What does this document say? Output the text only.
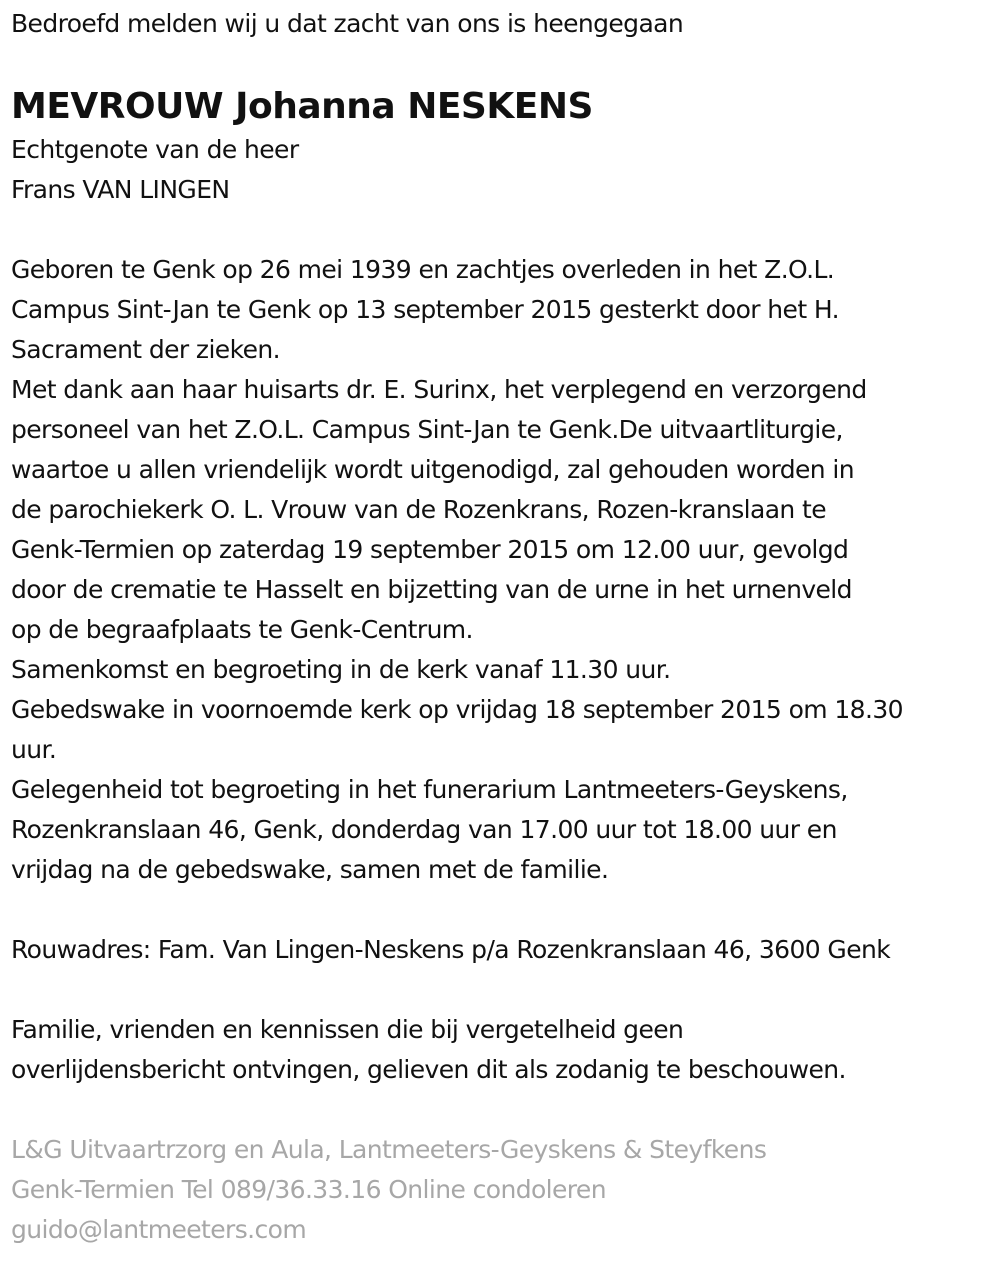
Bedroefd melden wij u dat zacht van ons is heengegaan
MEVROUW Johanna NESKENS
Echtgenote van de heer
Frans VAN LINGEN
Geboren te Genk op 26 mei 1939 en zachtjes overleden in het Z.O.L.
Campus Sint-Jan te Genk op 13 september 2015 gesterkt door het H.
Sacrament der zieken.
Met dank aan haar huisarts dr. E. Surinx, het verplegend en verzorgend
personeel van het Z.O.L. Campus Sint-Jan te Genk.De uitvaartliturgie,
waartoe u allen vriendelijk wordt uitgenodigd, zal gehouden worden in
de parochiekerk O. L. Vrouw van de Rozenkrans, Rozen-kranslaan te
Genk-Termien op zaterdag 19 september 2015 om 12.00 uur, gevolgd
door de crematie te Hasselt en bijzetting van de urne in het urnenveld
op de begraafplaats te Genk-Centrum.
Samenkomst en begroeting in de kerk vanaf 11.30 uur.
Gebedswake in voornoemde kerk op vrijdag 18 september 2015 om 18.30
uur.
Gelegenheid tot begroeting in het funerarium Lantmeeters-Geyskens,
Rozenkranslaan 46, Genk, donderdag van 17.00 uur tot 18.00 uur en
vrijdag na de gebedswake, samen met de familie.
Rouwadres: Fam. Van Lingen-Neskens p/a Rozenkranslaan 46, 3600 Genk
Familie, vrienden en kennissen die bij vergetelheid geen
overlijdensbericht ontvingen, gelieven dit als zodanig te beschouwen.
L&G Uitvaartrzorg en Aula, Lantmeeters-Geyskens & Steyfkens
Genk-Termien Tel 089/36.33.16 Online condoleren
guido@lantmeeters.com
